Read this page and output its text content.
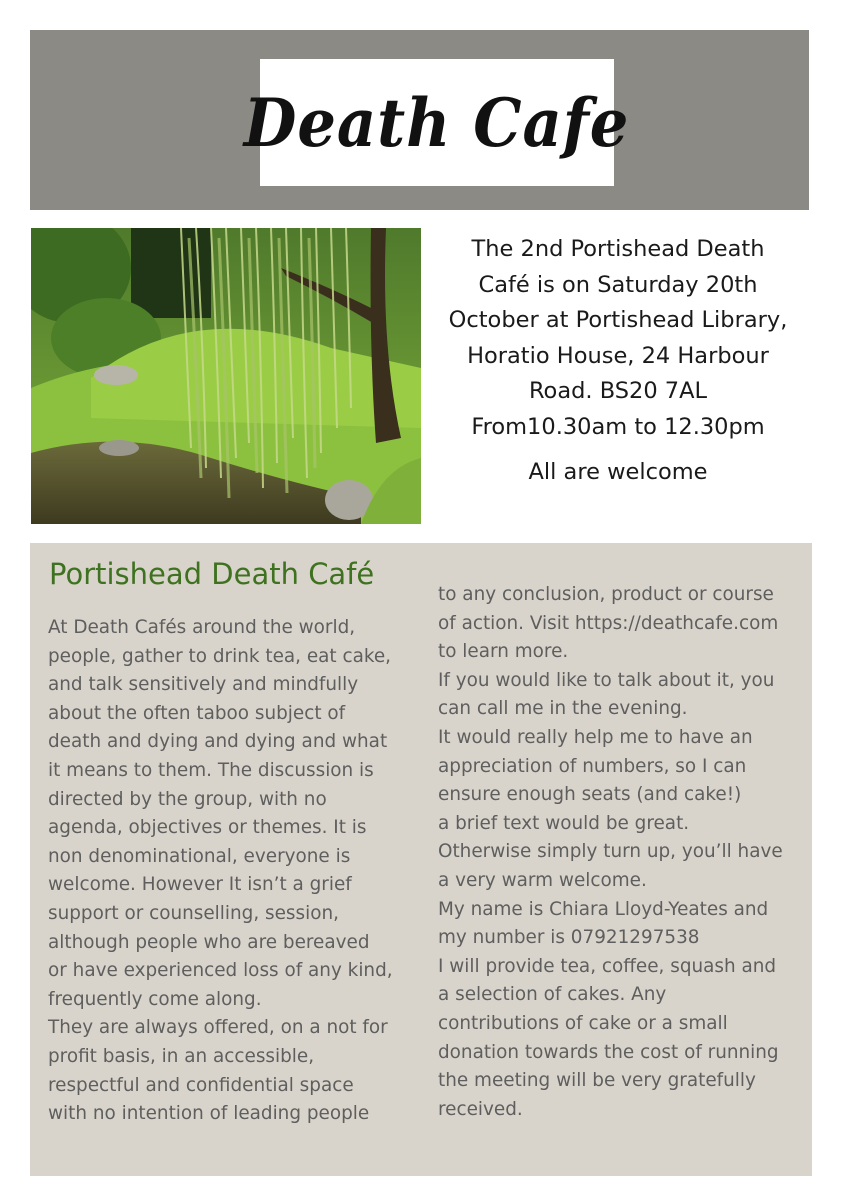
Death Cafe

The 2nd Portishead Death

Café is on Saturday 20th

October at Portishead Library,

Horatio House, 24 Harbour

Road. BS20 7AL

From10.30am to 12.30pm

All are welcome

Portishead Death Café
At Death Cafés around the world,
people, gather to drink tea, eat cake,
and talk sensitively and mindfully
about the often taboo subject of
death and dying and dying and what
it means to them. The discussion is
directed by the group, with no
agenda, objectives or themes. It is
non denominational, everyone is
welcome. However It isn’t a grief
support or counselling, session,
although people who are bereaved
or have experienced loss of any kind,
frequently come along.
They are always offered, on a not for
profit basis, in an accessible,
respectful and confidential space
with no intention of leading people
to any conclusion, product or course
of action. Visit https://deathcafe.com
to learn more.
If you would like to talk about it, you
can call me in the evening.
It would really help me to have an
appreciation of numbers, so I can
ensure enough seats (and cake!)
a brief text would be great.
Otherwise simply turn up, you’ll have
a very warm welcome.
My name is Chiara Lloyd-Yeates and
my number is 07921297538
I will provide tea, coffee, squash and
a selection of cakes. Any
contributions of cake or a small
donation towards the cost of running
the meeting will be very gratefully
received.
